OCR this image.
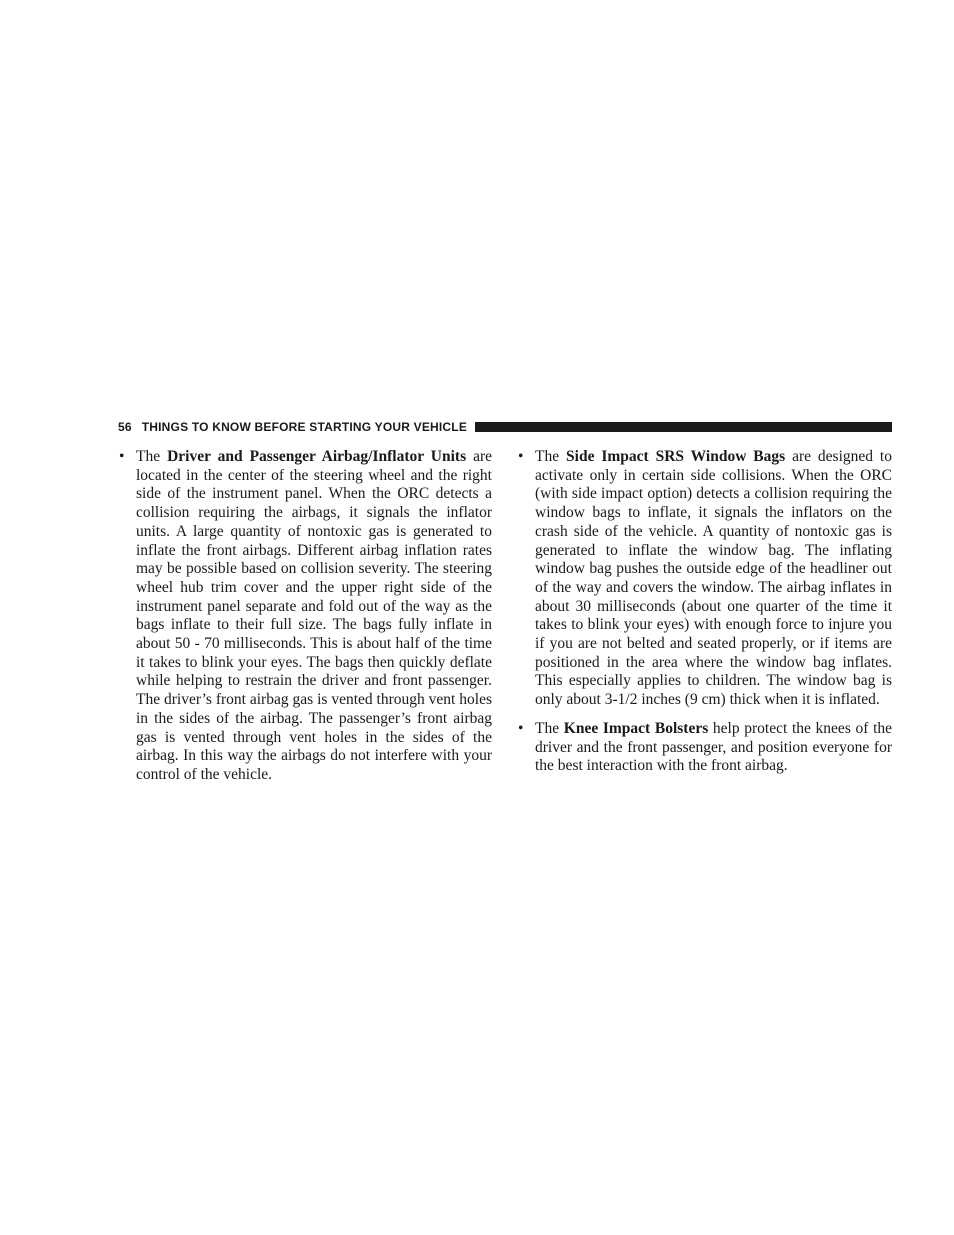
56 THINGS TO KNOW BEFORE STARTING YOUR VEHICLE
• The Driver and Passenger Airbag/Inflator Units are located in the center of the steering wheel and the right side of the instrument panel. When the ORC detects a collision requiring the airbags, it signals the inflator units. A large quantity of nontoxic gas is generated to inflate the front airbags. Different airbag inflation rates may be possible based on collision severity. The steering wheel hub trim cover and the upper right side of the instrument panel separate and fold out of the way as the bags inflate to their full size. The bags fully inflate in about 50 - 70 milliseconds. This is about half of the time it takes to blink your eyes. The bags then quickly deflate while helping to restrain the driver and front passenger. The driver’s front airbag gas is vented through vent holes in the sides of the airbag. The passenger’s front airbag gas is vented through vent holes in the sides of the airbag. In this way the airbags do not interfere with your control of the vehicle.
• The Side Impact SRS Window Bags are designed to activate only in certain side collisions. When the ORC (with side impact option) detects a collision requiring the window bags to inflate, it signals the inflators on the crash side of the vehicle. A quantity of nontoxic gas is generated to inflate the window bag. The inflating window bag pushes the outside edge of the headliner out of the way and covers the window. The airbag inflates in about 30 milliseconds (about one quarter of the time it takes to blink your eyes) with enough force to injure you if you are not belted and seated properly, or if items are positioned in the area where the window bag inflates. This especially applies to children. The window bag is only about 3-1/2 inches (9 cm) thick when it is inflated.
• The Knee Impact Bolsters help protect the knees of the driver and the front passenger, and position everyone for the best interaction with the front airbag.
